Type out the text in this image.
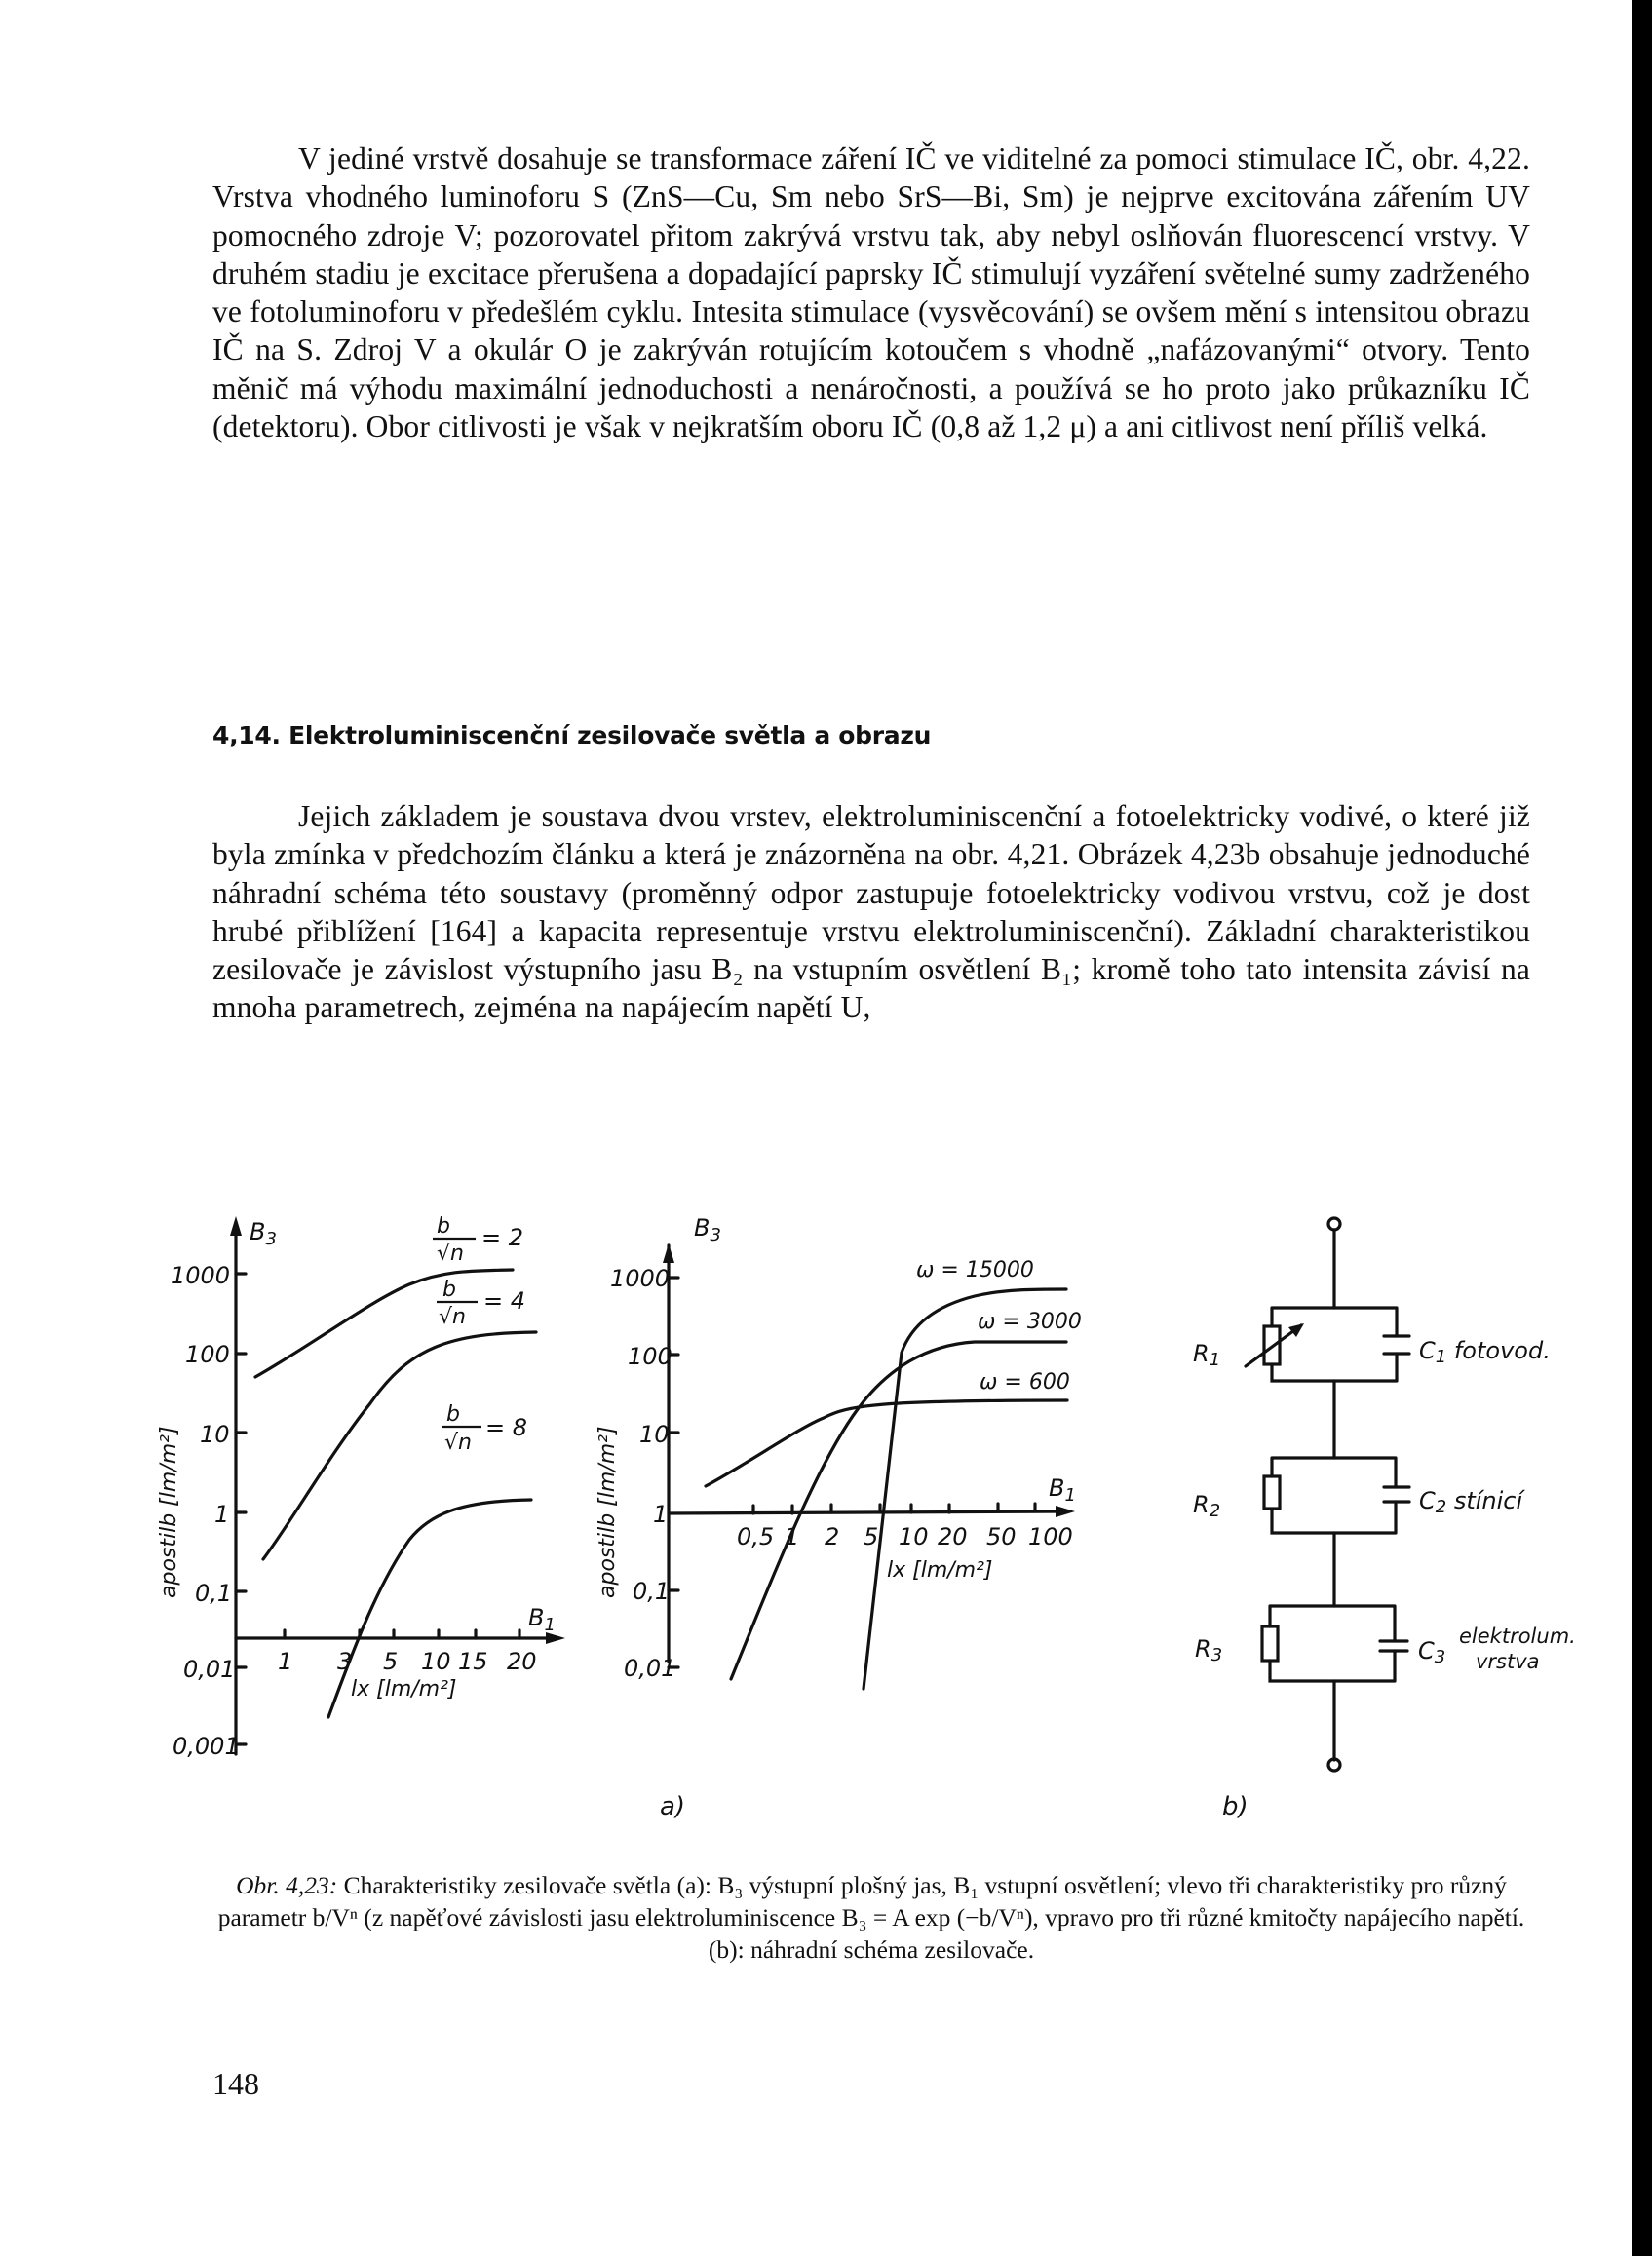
V jediné vrstvě dosahuje se transformace záření IČ ve viditelné za pomoci stimulace IČ, obr. 4,22. Vrstva vhodného luminoforu S (ZnS—Cu, Sm nebo SrS—Bi, Sm) je nejprve excitována zářením UV pomocného zdroje V; pozorovatel přitom zakrývá vrstvu tak, aby nebyl oslňován fluorescencí vrstvy. V druhém stadiu je excitace přerušena a dopadající paprsky IČ stimulují vyzáření světelné sumy zadrženého ve fotoluminoforu v předešlém cyklu. Intesita stimulace (vysvěcování) se ovšem mění s intensitou obrazu IČ na S. Zdroj V a okulár O je zakrýván rotujícím kotoučem s vhodně „nafázovanými“ otvory. Tento měnič má výhodu maximální jednoduchosti a nenáročnosti, a používá se ho proto jako průkazníku IČ (detektoru). Obor citlivosti je však v nejkratším oboru IČ (0,8 až 1,2 μ) a ani citlivost není příliš velká.

4,14. Elektroluminiscenční zesilovače světla a obrazu

Jejich základem je soustava dvou vrstev, elektroluminiscenční a fotoelektricky vodivé, o které již byla zmínka v předchozím článku a která je znázorněna na obr. 4,21. Obrázek 4,23b obsahuje jednoduché náhradní schéma této soustavy (proměnný odpor zastupuje fotoelektricky vodivou vrstvu, což je dost hrubé přiblížení [164] a kapacita representuje vrstvu elektroluminiscenční). Základní charakteristikou zesilovače je závislost výstupního jasu B₂ na vstupním osvětlení B₁; kromě toho tato intensita závisí na mnoha parametrech, zejména na napájecím napětí U,

$B_3$
1000
100
10
1
0,1
0,01
0,001
1 3 5 10 15 20
$B_1$
lx [lm/m²]
apostilb [lm/m²]
b
√n
= 2
b
√n
= 4
b
√n
= 8
$B_3$
1000
100
10
1
0,1
0,01
0,5 1 2 5 10 20 50 100
$B_1$
lx [lm/m²]
apostilb [lm/m²]
ω = 15000
ω = 3000
ω = 600
R1	C1 fotovod.
R2	C2 stínicí
R3	C3
elektrolum.
vrstva
a)	b)
Obr. 4,23: Charakteristiky zesilovače světla (a): B₃ výstupní plošný jas, B₁ vstupní osvětlení; vlevo tři charakteristiky pro různý parametr b/Vⁿ (z napěťové závislosti jasu elektroluminiscence B₃ = A exp (−b/Vⁿ), vpravo pro tři různé kmitočty napájecího napětí. (b): náhradní schéma zesilovače.
148
